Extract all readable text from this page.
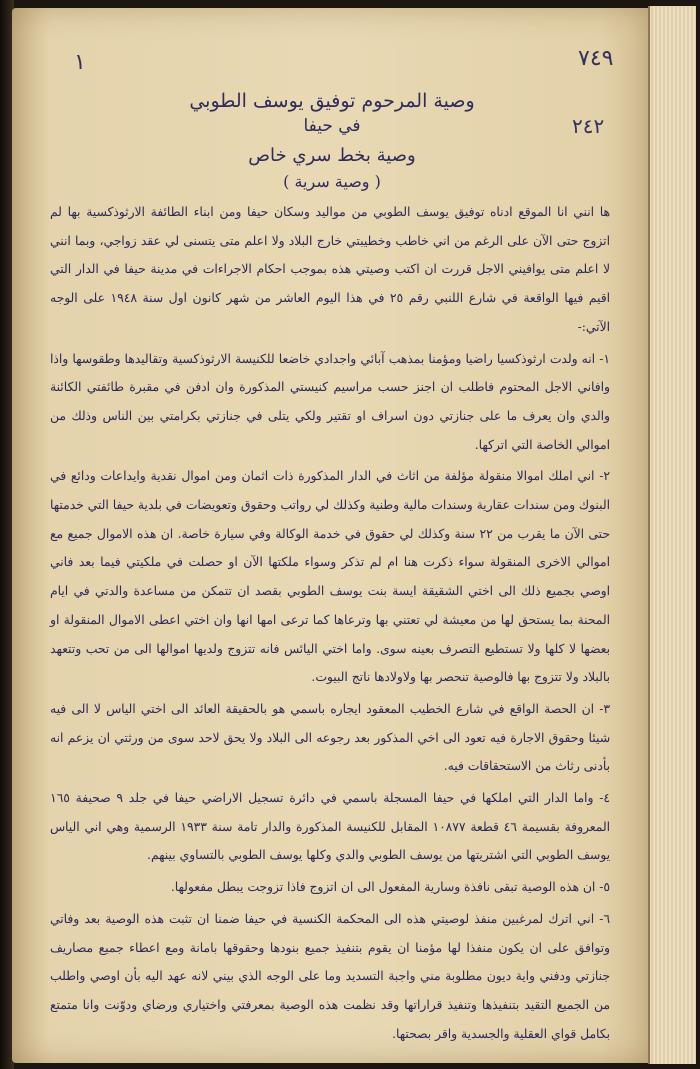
١	٧٤٩
٢٤٢
وصية المرحوم توفيق يوسف الطوبي
في حيفا
وصية بخط سري خاص
( وصية سرية )

ها انني انا الموقع ادناه توفيق يوسف الطوبي من مواليد وسكان حيفا ومن ابناء الطائفة الارثوذكسية بها لم اتزوج حتى الآن على الرغم من اني خاطب وخطيبتي خارج البلاد ولا اعلم متى يتسنى لي عقد زواجي، وبما انني لا اعلم متى يوافيني الاجل قررت ان اكتب وصيتي هذه بموجب احكام الاجراءات في مدينة حيفا في الدار التي اقيم فيها الواقعة في شارع اللنبي رقم ٢٥ في هذا اليوم العاشر من شهر كانون اول سنة ١٩٤٨ على الوجه الآتي:-

١- انه ولدت ارثوذكسيا راضيا ومؤمنا بمذهب آبائي واجدادي خاضعا للكنيسة الارثوذكسية وتقاليدها وطقوسها واذا وافاني الاجل المحتوم فاطلب ان اجنز حسب مراسيم كنيستي المذكورة وان ادفن في مقبرة طائفتي الكائنة والدي وان يعرف ما على جنازتي دون اسراف او تقتير ولكي يتلى في جنازتي بكرامتي بين الناس وذلك من اموالي الخاصة التي اتركها.

٢- اني املك اموالا منقولة مؤلفة من اثاث في الدار المذكورة ذات اثمان ومن اموال نقدية وايداعات ودائع في البنوك ومن سندات عقارية وسندات مالية وطنية وكذلك لي رواتب وحقوق وتعويضات في بلدية حيفا التي خدمتها حتى الآن ما يقرب من ٢٢ سنة وكذلك لي حقوق في خدمة الوكالة وفي سيارة خاصة. ان هذه الاموال جميع مع اموالي الاخرى المنقولة سواء ذكرت هنا ام لم تذكر وسواء ملكتها الآن او حصلت في ملكيتي فيما بعد فاني اوصي بجميع ذلك الى اختي الشقيقة ايسة بنت يوسف الطوبي بقصد ان تتمكن من مساعدة والدتي في ايام المحنة بما يستحق لها من معيشة لي تعتني بها وترعاها كما ترعى امها انها وان اختي اعطى الاموال المنقولة او بعضها لا كلها ولا تستطيع التصرف بعينه سوى. واما اختي اليائس فانه تتزوج ولديها اموالها الى من تحب وتتعهد بالبلاد ولا تتزوج بها فالوصية تنحصر بها ولاولادها ناتج البيوت.

٣- ان الحصة الواقع في شارع الخطيب المعقود ايجاره باسمي هو بالحقيقة العائد الى اختي الياس لا الى فيه شيئا وحقوق الاجارة فيه تعود الى اخي المذكور بعد رجوعه الى البلاد ولا يحق لاحد سوى من ورثتي ان يزعم انه بأدنى رثاث من الاستحقاقات فيه.

٤- واما الدار التي املكها في حيفا المسجلة باسمي في دائرة تسجيل الاراضي حيفا في جلد ٩ صحيفة ١٦٥ المعروفة بقسيمة ٤٦ قطعة ١٠٨٧٧ المقابل للكنيسة المذكورة والدار تامة سنة ١٩٣٣ الرسمية وهي اني الياس يوسف الطوبي التي اشتريتها من يوسف الطوبي والدي وكلها يوسف الطوبي بالتساوي بينهم.

٥- ان هذه الوصية تبقى نافذة وسارية المفعول الى ان اتزوج فاذا تزوجت يبطل مفعولها.

٦- اني اترك لمرغبين منفذ لوصيتي هذه الى المحكمة الكنسية في حيفا ضمنا ان تثبت هذه الوصية بعد وفاتي وتوافق على ان يكون منفذا لها مؤمنا ان يقوم بتنفيذ جميع بنودها وحقوقها بامانة ومع اعطاء جميع مصاريف جنازتي ودفني واية ديون مطلوبة مني واجبة التسديد وما على الوجه الذي بيني لانه عهد اليه بأن اوصي واطلب من الجميع التقيد بتنفيذها وتنفيذ قراراتها وقد نظمت هذه الوصية بمعرفتي واختياري ورضاي ودوّنت وانا متمتع بكامل قواي العقلية والجسدية واقر بصحتها.
